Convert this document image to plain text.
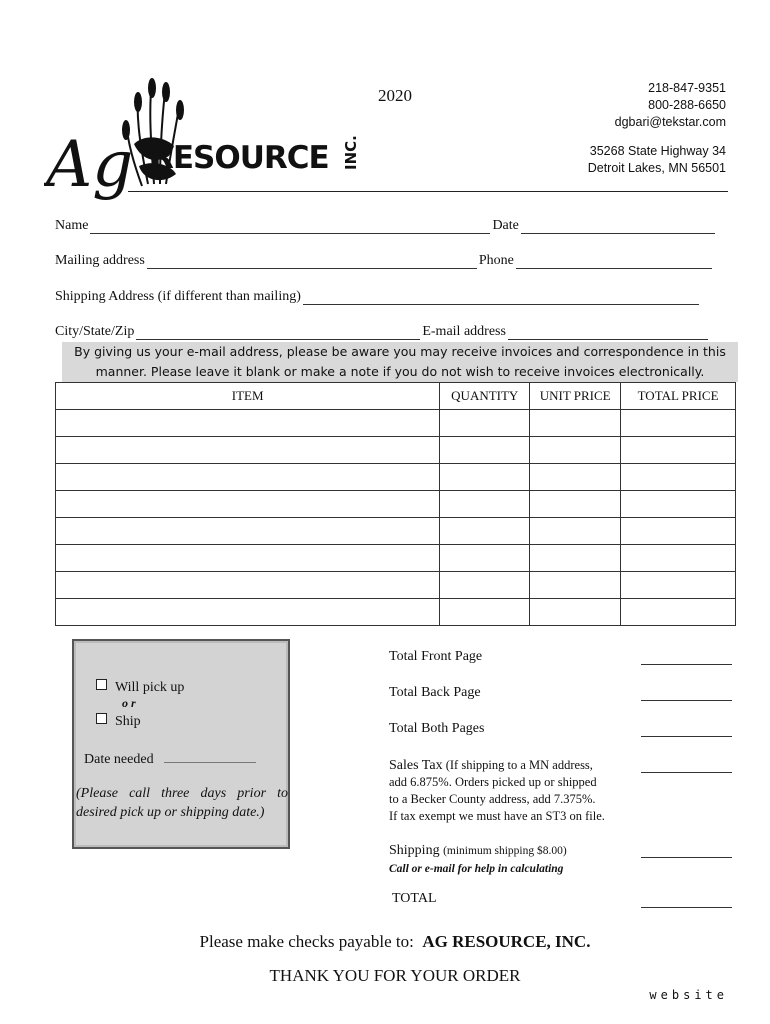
Ag RESOURCE INC.
2020	218-847-9351
800-288-6650
dgbari@tekstar.com
35268 State Highway 34
Detroit Lakes, MN 56501
Name	Date
Mailing address	Phone
Shipping Address (if different than mailing)
City/State/Zip	E-mail address
By giving us your e-mail address, please be aware you may receive invoices and correspondence in this
manner. Please leave it blank or make a note if you do not wish to receive invoices electronically.
ITEM	QUANTITY	UNIT PRICE	TOTAL PRICE

Will pick up
o r
Ship
Date needed
(Please call three days prior to desired pick up or shipping date.)
Total Front Page
Total Back Page
Total Both Pages
Sales Tax (If shipping to a MN address,
add 6.875%. Orders picked up or shipped
to a Becker County address, add 7.375%.
If tax exempt we must have an ST3 on file.
Shipping (minimum shipping $8.00)
Call or e-mail for help in calculating
TOTAL
Please make checks payable to: AG RESOURCE, INC.
THANK YOU FOR YOUR ORDER
website
